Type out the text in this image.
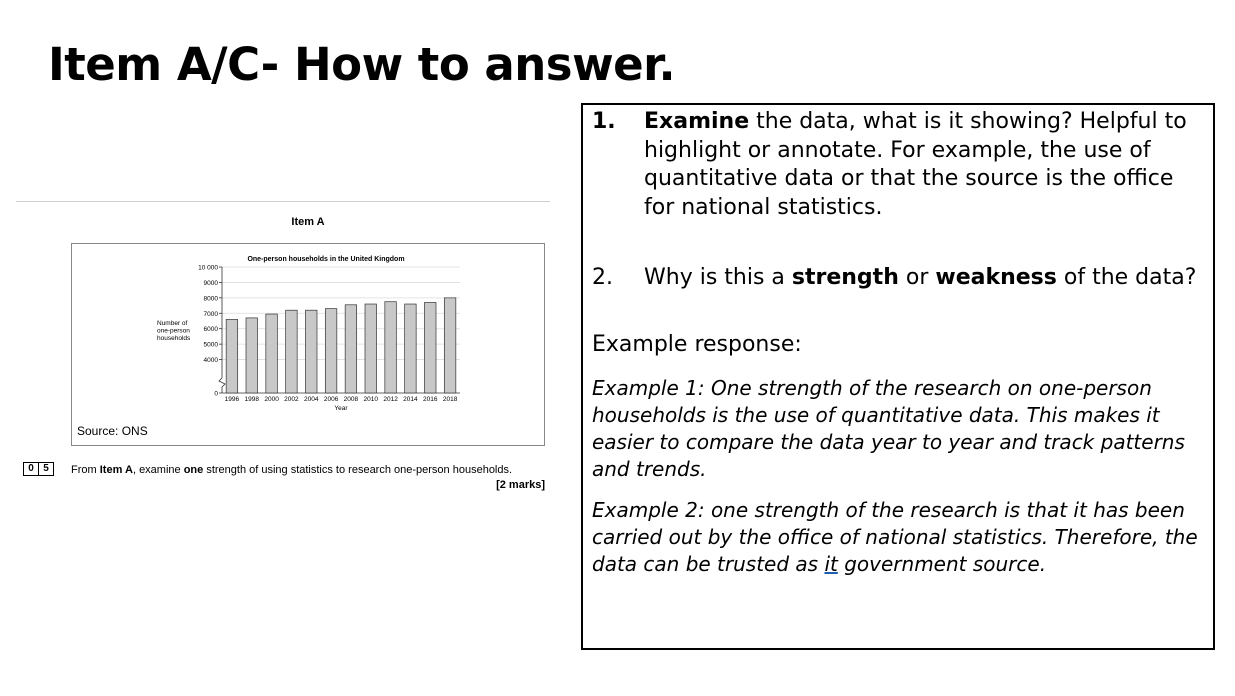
Item A/C- How to answer.
Item A
One-person households in the United Kingdom
0
4000
5000
6000
7000
8000
9000
10 000
1996 1998 2000 2002 2004 2006 2008 2010 2012 2014 2016 2018
Year
Number of
one-person
households
Source: ONS
0 5	From Item A, examine one strength of using statistics to research one-person households.
[2 marks]
1. Examine the data, what is it showing? Helpful to highlight or annotate. For example, the use of quantitative data or that the source is the office for national statistics.
2. Why is this a strength or weakness of the data?
Example response:
Example 1: One strength of the research on one-person households is the use of quantitative data. This makes it easier to compare the data year to year and track patterns and trends.
Example 2: one strength of the research is that it has been carried out by the office of national statistics. Therefore, the data can be trusted as it government source.
